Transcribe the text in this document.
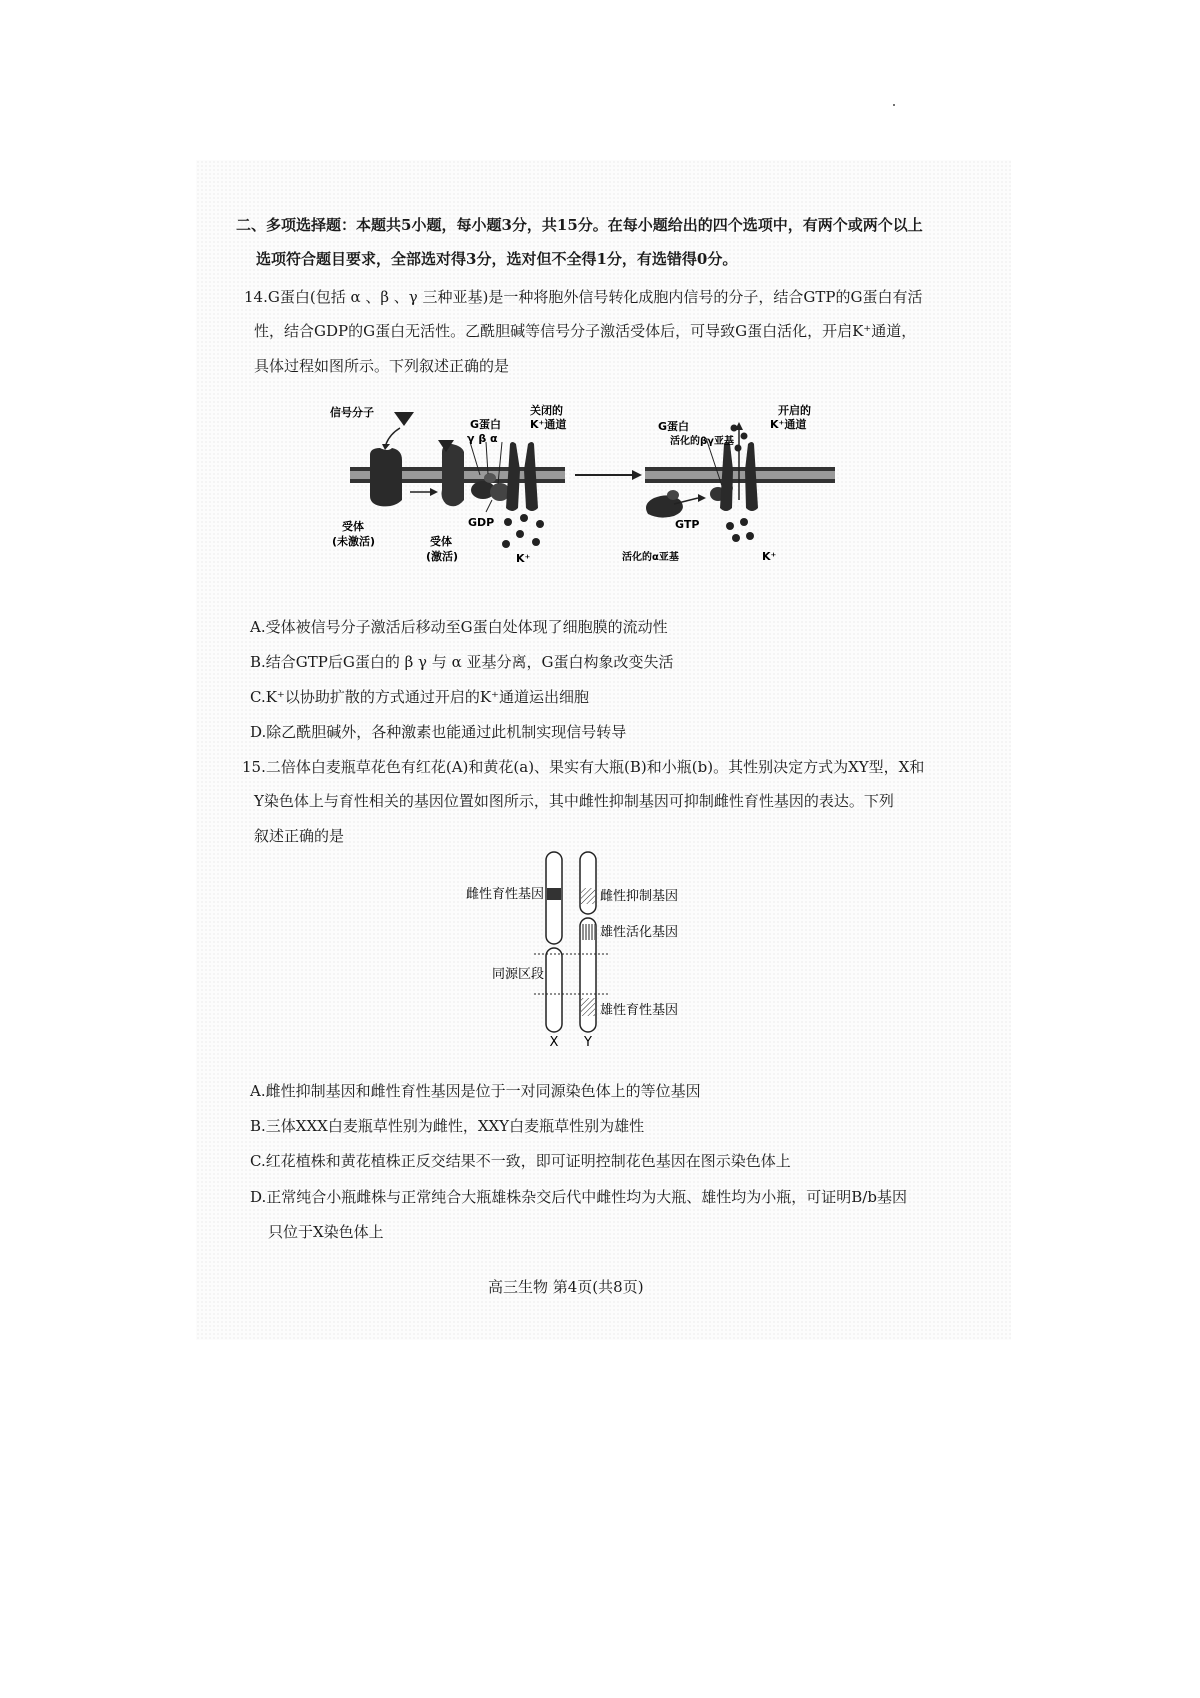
二、多项选择题：本题共5小题，每小题3分，共15分。在每小题给出的四个选项中，有两个或两个以上
选项符合题目要求，全部选对得3分，选对但不全得1分，有选错得0分。
14.G蛋白(包括 α 、β 、γ 三种亚基)是一种将胞外信号转化成胞内信号的分子，结合GTP的G蛋白有活
性，结合GDP的G蛋白无活性。乙酰胆碱等信号分子激活受体后，可导致G蛋白活化，开启K⁺通道，
具体过程如图所示。下列叙述正确的是
信号分子
G蛋白
γ β α
关闭的
K⁺通道	G蛋白
开启的
K⁺通道
活化的βγ亚基
GDP	GTP
受体
(未激活)	受体
(激活)	K⁺	活化的α亚基	K⁺
A.受体被信号分子激活后移动至G蛋白处体现了细胞膜的流动性
B.结合GTP后G蛋白的 β γ 与 α 亚基分离，G蛋白构象改变失活
C.K⁺以协助扩散的方式通过开启的K⁺通道运出细胞
D.除乙酰胆碱外，各种激素也能通过此机制实现信号转导
15.二倍体白麦瓶草花色有红花(A)和黄花(a)、果实有大瓶(B)和小瓶(b)。其性别决定方式为XY型，X和
Y染色体上与育性相关的基因位置如图所示，其中雌性抑制基因可抑制雌性育性基因的表达。下列
叙述正确的是
雌性育性基因	雌性抑制基因
雄性活化基因
同源区段
雄性育性基因
X Y
A.雌性抑制基因和雌性育性基因是位于一对同源染色体上的等位基因
B.三体XXX白麦瓶草性别为雌性，XXY白麦瓶草性别为雄性
C.红花植株和黄花植株正反交结果不一致，即可证明控制花色基因在图示染色体上
D.正常纯合小瓶雌株与正常纯合大瓶雄株杂交后代中雌性均为大瓶、雄性均为小瓶，可证明B/b基因
只位于X染色体上
高三生物 第4页(共8页)
